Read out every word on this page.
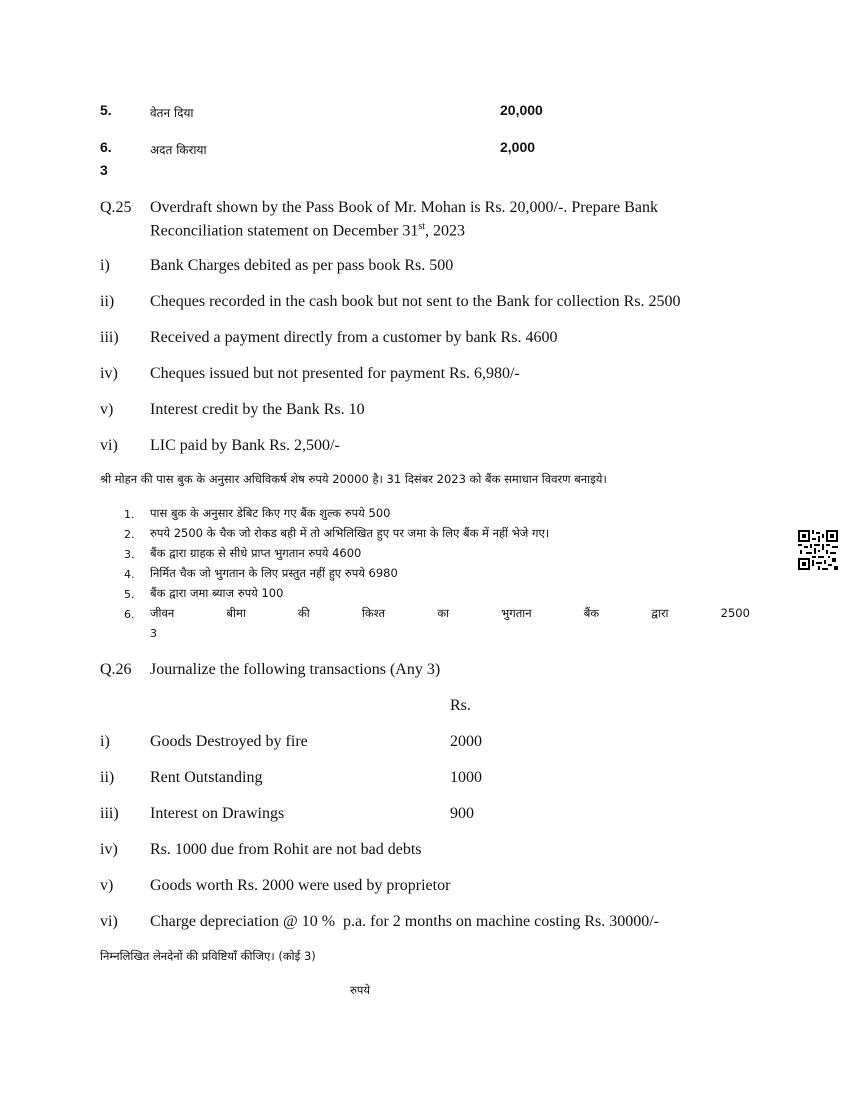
5.	वेतन दिया	20,000
6.	अदत किराया	2,000
3
Q.25 Overdraft shown by the Pass Book of Mr. Mohan is Rs. 20,000/-. Prepare Bank
Reconciliation statement on December 31st, 2023
i)	Bank Charges debited as per pass book Rs. 500
ii) Cheques recorded in the cash book but not sent to the Bank for collection Rs. 2500
iii) Received a payment directly from a customer by bank Rs. 4600
iv) Cheques issued but not presented for payment Rs. 6,980/-
v) Interest credit by the Bank Rs. 10
vi) LIC paid by Bank Rs. 2,500/-
श्री मोहन की पास बुक के अनुसार अधिविकर्ष शेष रुपये 20000 है। 31 दिसंबर 2023 को बैंक समाधान विवरण बनाइये।
1. पास बुक के अनुसार डेबिट किए गए बैंक शुल्क रुपये 500
2. रुपये 2500 के चैक जो रोकड बही में तो अभिलिखित हुए पर जमा के लिए बैंक में नहीं भेजे गए।
3. बैंक द्वारा ग्राहक से सीधे प्राप्त भुगतान रुपये 4600
4. निर्मित चैक जो भुगतान के लिए प्रस्तुत नहीं हुए रुपये 6980
5. बैंक द्वारा जमा ब्याज रुपये 100
6. जीवन	बीमा	की	किश्त	का	भुगतान	बैंक	द्वारा	2500
3
Q.26 Journalize the following transactions (Any 3)
Rs.
i)	Goods Destroyed by fire	2000
ii) Rent Outstanding	1000
iii) Interest on Drawings	900
iv) Rs. 1000 due from Rohit are not bad debts
v) Goods worth Rs. 2000 were used by proprietor
vi) Charge depreciation @ 10 %  p.a. for 2 months on machine costing Rs. 30000/-
निम्नलिखित लेनदेनों की प्रविष्टियाँ कीजिए। (कोई 3)
रुपये
